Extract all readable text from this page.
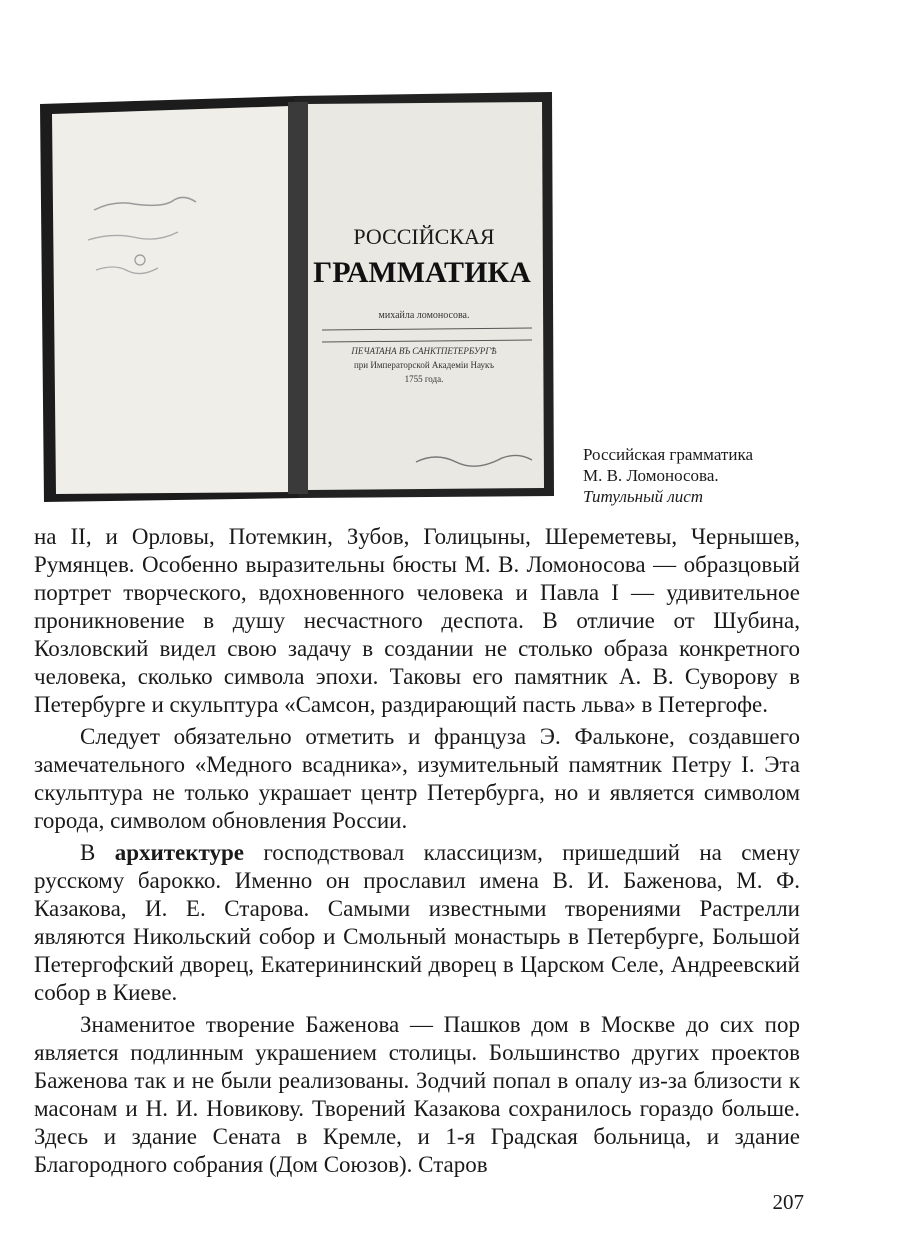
РОССІЙСКАЯ
ГРАММАТИКА
михайла ломоносова.
ПЕЧАТАНА ВЪ САНКТПЕТЕРБУРГѢ
при Императорской Академіи Наукъ
1755 года.
Российская грамматика
М. В. Ломоносова.
Титульный лист

на II, и Орловы, Потемкин, Зубов, Голицыны, Шереметевы, Чернышев, Румянцев. Особенно выразительны бюсты М. В. Ломоносова — образцовый портрет творческого, вдохновенного человека и Павла I — удивительное проникновение в душу несчастного деспота. В отличие от Шубина, Козловский видел свою задачу в создании не столько образа конкретного человека, сколько символа эпохи. Таковы его памятник А. В. Суворову в Петербурге и скульптура «Самсон, раздирающий пасть льва» в Петергофе.

Следует обязательно отметить и француза Э. Фальконе, создавшего замечательного «Медного всадника», изумительный памятник Петру I. Эта скульптура не только украшает центр Петербурга, но и является символом города, символом обновления России.

В архитектуре господствовал классицизм, пришедший на смену русскому барокко. Именно он прославил имена В. И. Баженова, М. Ф. Казакова, И. Е. Старова. Самыми известными творениями Растрелли являются Никольский собор и Смольный монастырь в Петербурге, Большой Петергофский дворец, Екатерининский дворец в Царском Селе, Андреевский собор в Киеве.

Знаменитое творение Баженова — Пашков дом в Москве до сих пор является подлинным украшением столицы. Большинство других проектов Баженова так и не были реализованы. Зодчий попал в опалу из-за близости к масонам и Н. И. Новикову. Творений Казакова сохранилось гораздо больше. Здесь и здание Сената в Кремле, и 1-я Градская больница, и здание Благородного собрания (Дом Союзов). Старов

207
